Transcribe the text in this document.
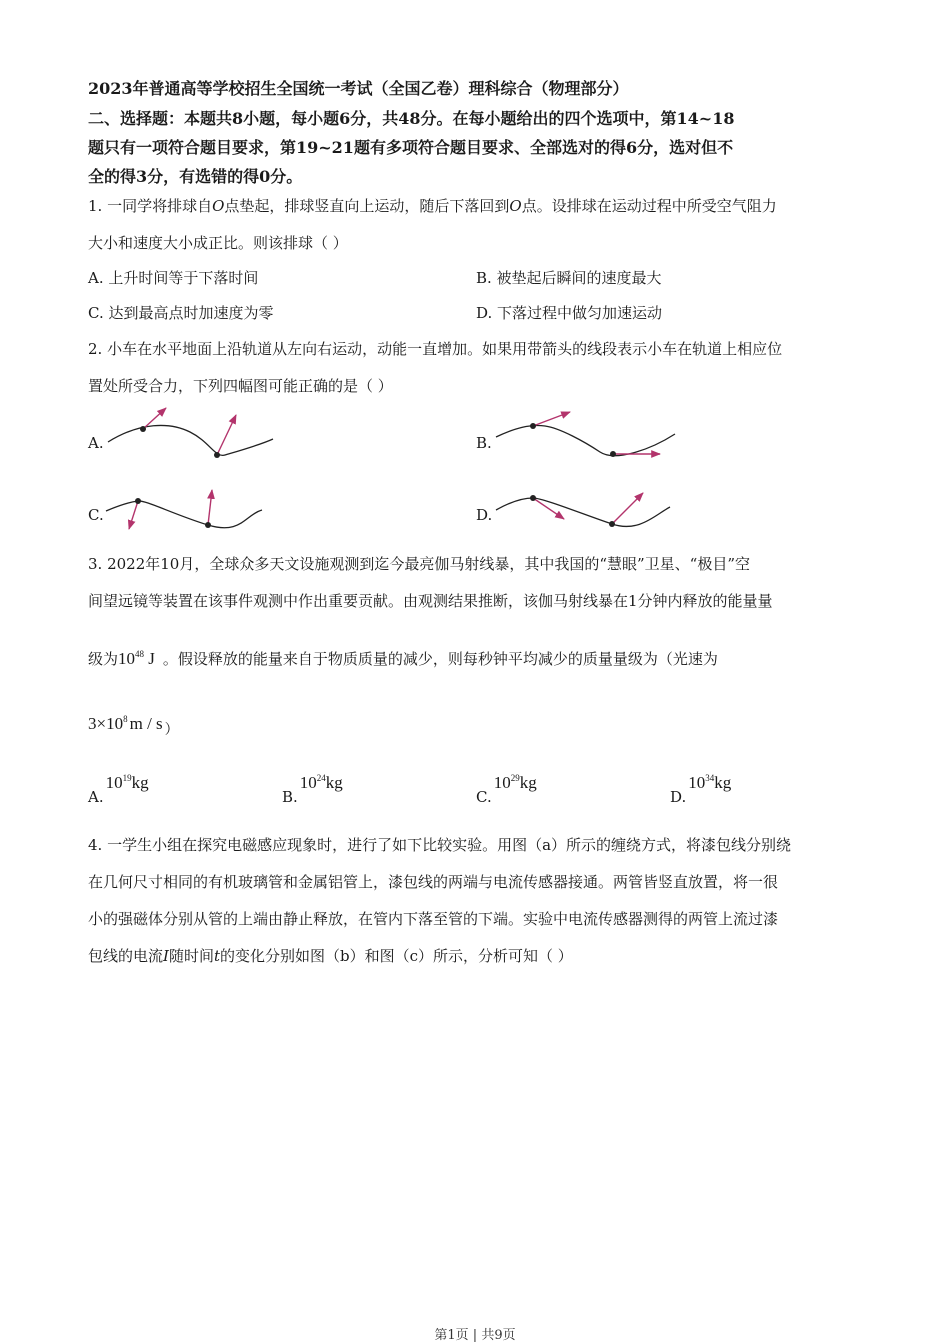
2023年普通高等学校招生全国统一考试（全国乙卷）理科综合（物理部分）
二、选择题：本题共8小题，每小题6分，共48分。在每小题给出的四个选项中，第14~18
题只有一项符合题目要求，第19~21题有多项符合题目要求、全部选对的得6分，选对但不
全的得3分，有选错的得0分。
1. 一同学将排球自O点垫起，排球竖直向上运动，随后下落回到O点。设排球在运动过程中所受空气阻力
大小和速度大小成正比。则该排球（ ）
A. 上升时间等于下落时间	B. 被垫起后瞬间的速度最大
C. 达到最高点时加速度为零	D. 下落过程中做匀加速运动
2. 小车在水平地面上沿轨道从左向右运动，动能一直增加。如果用带箭头的线段表示小车在轨道上相应位
置处所受合力，下列四幅图可能正确的是（ ）
A.	B.
C.	D.
3. 2022年10月，全球众多天文设施观测到迄今最亮伽马射线暴，其中我国的“慧眼”卫星、“极目”空
间望远镜等装置在该事件观测中作出重要贡献。由观测结果推断，该伽马射线暴在1分钟内释放的能量量
级为$10^{48}$ J 。假设释放的能量来自于物质质量的减少，则每秒钟平均减少的质量量级为（光速为
$3\times 10^8$ m / s ）
$A.10^{19}kg$
$B.10^{24}kg$
$C.10^{29}kg$
$D.10^{34}kg$
4. 一学生小组在探究电磁感应现象时，进行了如下比较实验。用图（a）所示的缠绕方式，将漆包线分别绕
在几何尺寸相同的有机玻璃管和金属铝管上，漆包线的两端与电流传感器接通。两管皆竖直放置，将一很
小的强磁体分别从管的上端由静止释放，在管内下落至管的下端。实验中电流传感器测得的两管上流过漆
包线的电流I随时间t的变化分别如图（b）和图（c）所示，分析可知（ ）
第1页 | 共9页
